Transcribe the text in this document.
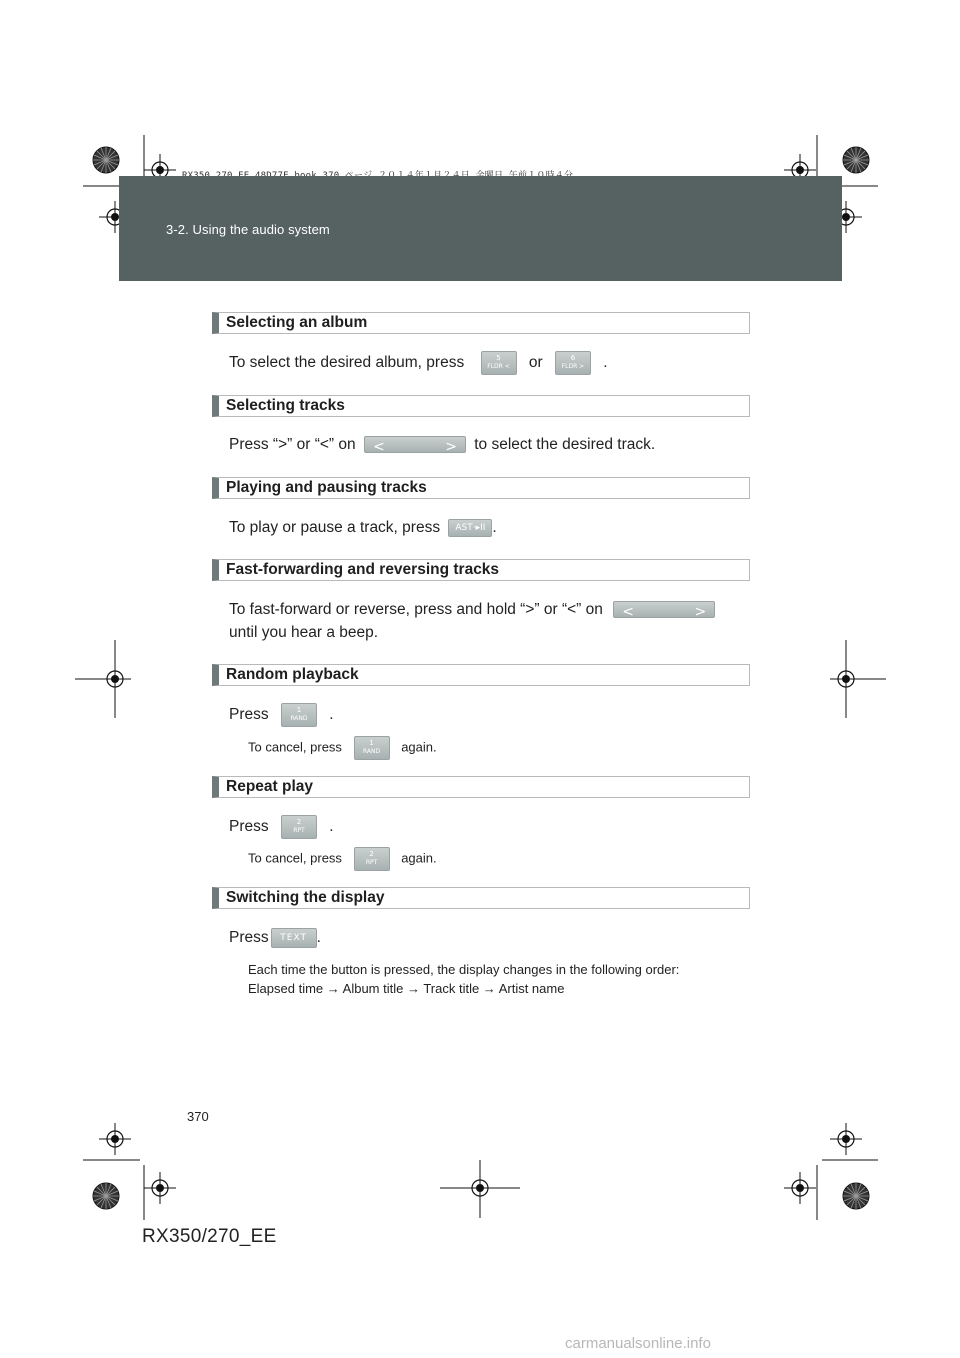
3-2. Using the audio system
Selecting an album
To select the desired album, press	5
FLDR <	or	6
FLDR >	.
Selecting tracks
Press “>” or “<” on <	> to select the desired track.
Playing and pausing tracks
To play or pause a track, press AST·▸II .
Fast-forwarding and reversing tracks
To fast-forward or reverse, press and hold “>” or “<” on <	>
until you hear a beep.
Random playback
Press	1
RAND	.
To cancel, press	1
RAND	again.
Repeat play
Press	2
RPT	.
To cancel, press	2
RPT	again.
Switching the display
Press TEXT .
Each time the button is pressed, the display changes in the following order:
Elapsed time → Album title → Track title → Artist name
370
RX350/270_EE
carmanualsonline.info
